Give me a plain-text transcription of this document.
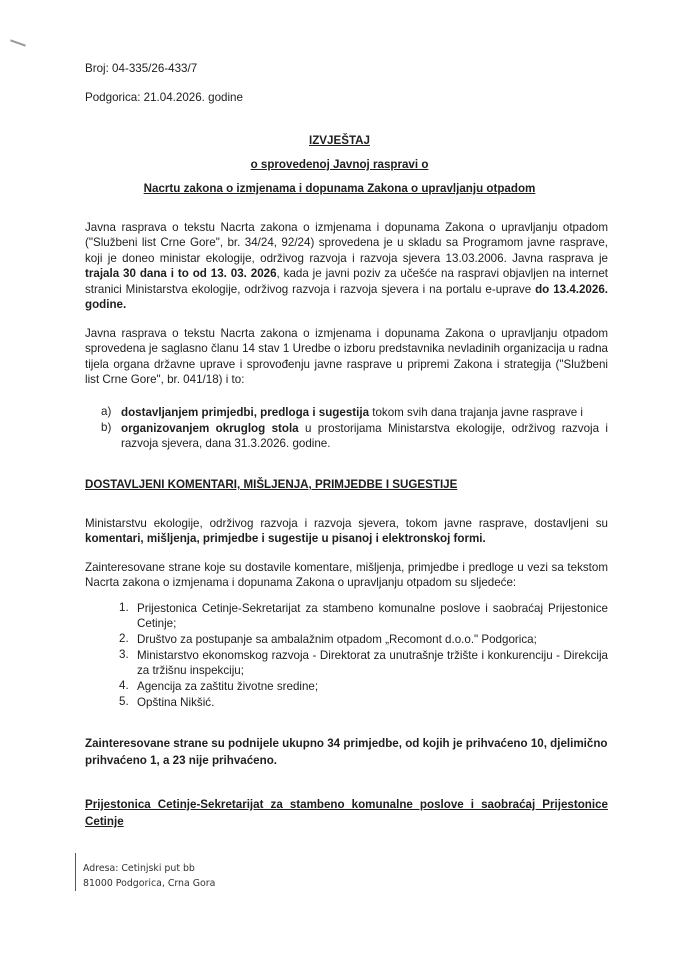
Broj: 04-335/26-433/7
Podgorica: 21.04.2026. godine
IZVJEŠTAJ
o sprovedenoj Javnoj raspravi o
Nacrtu zakona o izmjenama i dopunama Zakona o upravljanju otpadom
Javna rasprava o tekstu Nacrta zakona o izmjenama i dopunama Zakona o upravljanju otpadom ("Službeni list Crne Gore", br. 34/24, 92/24) sprovedena je u skladu sa Programom javne rasprave, koji je doneo ministar ekologije, održivog razvoja i razvoja sjevera 13.03.2006. Javna rasprava je trajala 30 dana i to od 13. 03. 2026, kada je javni poziv za učešće na raspravi objavljen na internet stranici Ministarstva ekologije, održivog razvoja i razvoja sjevera i na portalu e-uprave do 13.4.2026. godine.
Javna rasprava o tekstu Nacrta zakona o izmjenama i dopunama Zakona o upravljanju otpadom sprovedena je saglasno članu 14 stav 1 Uredbe o izboru predstavnika nevladinih organizacija u radna tijela organa državne uprave i sprovođenju javne rasprave u pripremi Zakona i strategija ("Službeni list Crne Gore", br. 041/18) i to:
a) dostavljanjem primjedbi, predloga i sugestija tokom svih dana trajanja javne rasprave i
b) organizovanjem okruglog stola u prostorijama Ministarstva ekologije, održivog razvoja i razvoja sjevera, dana 31.3.2026. godine.
DOSTAVLJENI KOMENTARI, MIŠLJENJA, PRIMJEDBE I SUGESTIJE
Ministarstvu ekologije, održivog razvoja i razvoja sjevera, tokom javne rasprave, dostavljeni su komentari, mišljenja, primjedbe i sugestije u pisanoj i elektronskoj formi.
Zainteresovane strane koje su dostavile komentare, mišljenja, primjedbe i predloge u vezi sa tekstom Nacrta zakona o izmjenama i dopunama Zakona o upravljanju otpadom su sljedeće:
1. Prijestonica Cetinje-Sekretarijat za stambeno komunalne poslove i saobraćaj Prijestonice Cetinje;
2. Društvo za postupanje sa ambalažnim otpadom „Recomont d.o.o." Podgorica;
3. Ministarstvo ekonomskog razvoja - Direktorat za unutrašnje tržište i konkurenciju - Direkcija za tržišnu inspekciju;
4. Agencija za zaštitu životne sredine;
5. Opština Nikšić.
Zainteresovane strane su podnijele ukupno 34 primjedbe, od kojih je prihvaćeno 10, djelimično prihvaćeno 1, a 23 nije prihvaćeno.
Prijestonica Cetinje-Sekretarijat za stambeno komunalne poslove i saobraćaj Prijestonice Cetinje
Adresa: Cetinjski put bb
81000 Podgorica, Crna Gora
